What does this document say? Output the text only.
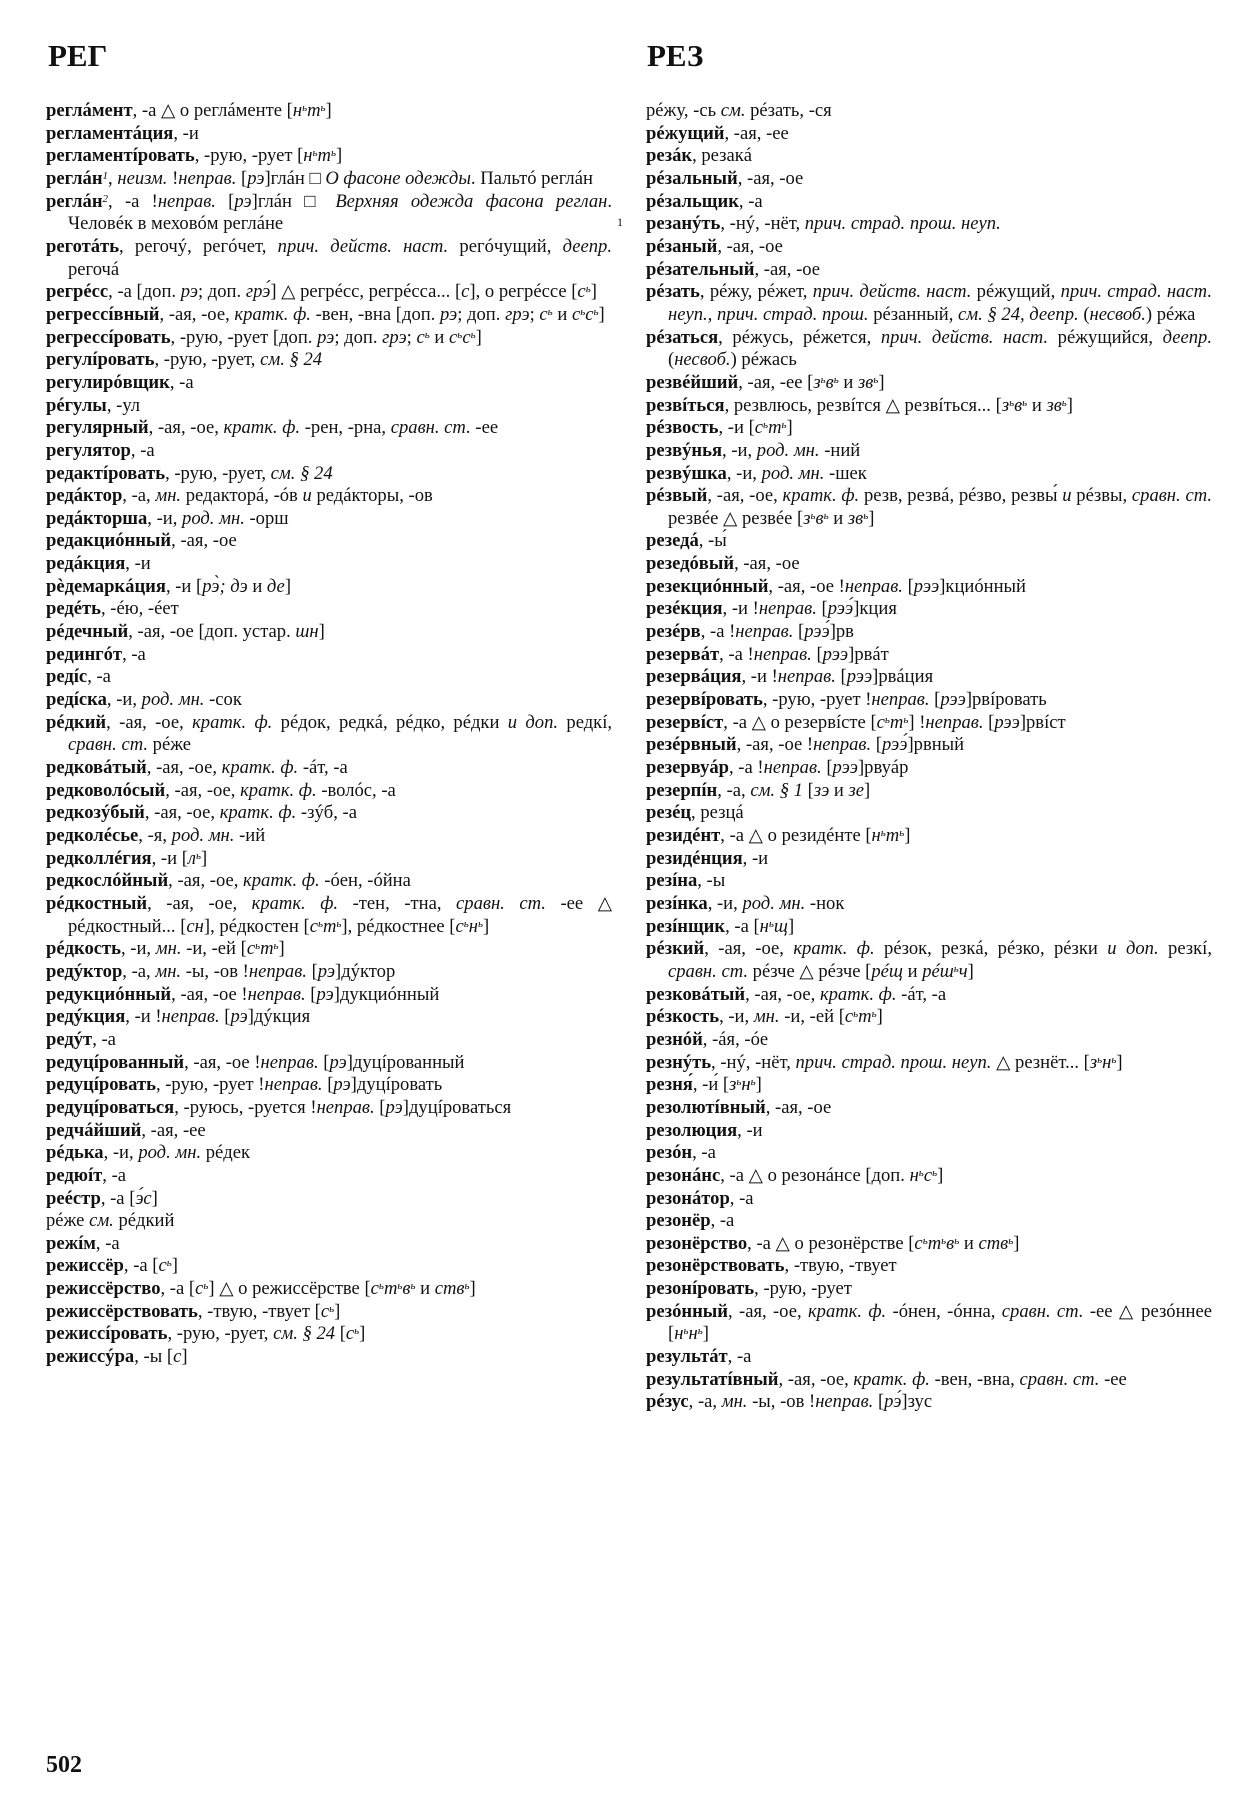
РЕГ	РЕЗ
реглáмент, -а △ о реглáменте $[н^ьт^ь]$
регламентáция, -и
регламентíровать, -рую, -рует $[н^ьт^ь]$
реглáн$^1$, неизм. !неправ. [рэ]глáн □ О фасоне одежды. Пальтó реглáн
реглáн$^2$, -а !неправ. [рэ]глáн □ Верхняя одежда фасона реглан. Человéк в меховóм реглáне
реготáть, регочý, регóчет, прич. действ. наст. регóчущий, деепр. регочá
регрéсс, -а [доп. рэ; доп. грэ́] △ регрéсс, регрéсса... [с], о регрéссе $[с^ь]$
регрессíвный, -ая, -ое, кратк. ф. -вен, -вна [доп. рэ; доп. грэ; $с^ь$ и $с^ьс^ь$]
регрессíровать, -рую, -рует [доп. рэ; доп. грэ; $с^ь$ и $с^ьс^ь$]
регулíровать, -рую, -рует, см. § 24
регулирóвщик, -а
рéгулы, -ул
регулярный, -ая, -ое, кратк. ф. -рен, -рна, сравн. ст. -ее
регулятор, -а
редактíровать, -рую, -рует, см. § 24
редáктор, -а, мн. редакторá, -óв и редáкторы, -ов
редáкторша, -и, род. мн. -орш
редакциóнный, -ая, -ое
редáкция, -и
рѐдемаркáция, -и [рэ̀; дэ и де]
редéть, -éю, -éет
рéдечный, -ая, -ое [доп. устар. шн]
редингóт, -а
редíс, -а
редíска, -и, род. мн. -сок
рéдкий, -ая, -ое, кратк. ф. рéдок, редкá, рéдко, рéдки и доп. редкí, сравн. ст. рéже
редковáтый, -ая, -ое, кратк. ф. -áт, -а
редковолóсый, -ая, -ое, кратк. ф. -волóс, -а
редкозýбый, -ая, -ое, кратк. ф. -зýб, -а
редколéсье, -я, род. мн. -ий
редколлéгия, -и $[л^ь]$
редкослóйный, -ая, -ое, кратк. ф. -óен, -óйна
рéдкостный, -ая, -ое, кратк. ф. -тен, -тна, сравн. ст. -ее △ рéдкостный... [сн], рéдкостен $[с^ьт^ь]$, рéдкостнее $[с^ьн^ь]$
рéдкость, -и, мн. -и, -ей $[с^ьт^ь]$
редýктор, -а, мн. -ы, -ов !неправ. [рэ]дýктор
редукциóнный, -ая, -ое !неправ. [рэ]дукциóнный
редýкция, -и !неправ. [рэ]дýкция
редýт, -а
редуцíрованный, -ая, -ое !неправ. [рэ]дуцíрованный
редуцíровать, -рую, -рует !неправ. [рэ]дуцíровать
редуцíроваться, -руюсь, -руется !неправ. [рэ]дуцíроваться
редчáйший, -ая, -ее
рéдька, -и, род. мн. рéдек
редюíт, -а
реéстр, -а [э́с]
рéже см. рéдкий
режíм, -а
режиссёр, -а $[с^ь]$
режиссёрство, -а $[с^ь]$ △ о режиссёрстве [$с^ьт^ьв^ь$ и ств$^ь$]
режиссёрствовать, -твую, -твует $[с^ь]$
режиссíровать, -рую, -рует, см. § 24 $[с^ь]$
режиссýра, -ы [с]
рéжу, -сь см. рéзать, -ся
рéжущий, -ая, -ее
резáк, резакá
рéзальный, -ая, -ое
рéзальщик, -а
резанýть, -нý, -нёт, прич. страд. прош. неуп.
рéзаный, -ая, -ое
рéзательный, -ая, -ое
рéзать, рéжу, рéжет, прич. действ. наст. рéжущий, прич. страд. наст. неуп., прич. страд. прош. рéзанный, см. § 24, деепр. (несвоб.) рéжа
рéзаться, рéжусь, рéжется, прич. действ. наст. рéжущийся, деепр. (несвоб.) рéжась
резвéйший, -ая, -ее [$з^ьв^ь$ и $зв^ь$]
резвíться, резвлюсь, резвíтся △ резвíться... [$з^ьв^ь$ и $зв^ь$]
рéзвость, -и $[с^ьт^ь]$
резвýнья, -и, род. мн. -ний
резвýшка, -и, род. мн. -шек
рéзвый, -ая, -ое, кратк. ф. резв, резвá, рéзво, резвы́ и рéзвы, сравн. ст. резвéе △ резвéе [$з^ьв^ь$ и $зв^ь$]
резедá, -ы́
резедóвый, -ая, -ое
резекциóнный, -ая, -ое !неправ. [рээ]кциóнный
резéкция, -и !неправ. [рээ́]кция
резéрв, -а !неправ. [рээ́]рв
резервáт, -а !неправ. [рээ]рвáт
резервáция, -и !неправ. [рээ]рвáция
резервíровать, -рую, -рует !неправ. [рээ]рвíровать
резервíст, -а △ о резервíсте $[с^ьт^ь]$ !неправ. [рээ]рвíст
резéрвный, -ая, -ое !неправ. [рээ́]рвный
резервуáр, -а !неправ. [рээ]рвуáр
резерпíн, -а, см. § 1 [зэ и зе]
резéц, резцá
резидéнт, -а △ о резидéнте $[н^ьт^ь]$
резидéнция, -и
резíна, -ы
резíнка, -и, род. мн. -нок
резíнщик, -а $[н^ьщ]$
рéзкий, -ая, -ое, кратк. ф. рéзок, резкá, рéзко, рéзки и доп. резкí, сравн. ст. рéзче △ рéзче [рéщ и рéш$^ь$ч]
резковáтый, -ая, -ое, кратк. ф. -áт, -а
рéзкость, -и, мн. -и, -ей $[с^ьт^ь]$
резнóй, -áя, -óе
резнýть, -нý, -нёт, прич. страд. прош. неуп. △ резнёт... $[з^ьн^ь]$
резня́, -и́ $[з^ьн^ь]$
резолютíвный, -ая, -ое
резолюция, -и
резóн, -а
резонáнс, -а △ о резонáнсе [доп. $н^ьс^ь$]
резонáтор, -а
резонёр, -а
резонёрство, -а △ о резонёрстве [$с^ьт^ьв^ь$ и ств$^ь$]
резонёрствовать, -твую, -твует
резонíровать, -рую, -рует
резóнный, -ая, -ое, кратк. ф. -óнен, -óнна, сравн. ст. -ее △ резóннее $[н^ьн^ь]$
результáт, -а
результатíвный, -ая, -ое, кратк. ф. -вен, -вна, сравн. ст. -ее
рéзус, -а, мн. -ы, -ов !неправ. [рэ́]зус
1
502
